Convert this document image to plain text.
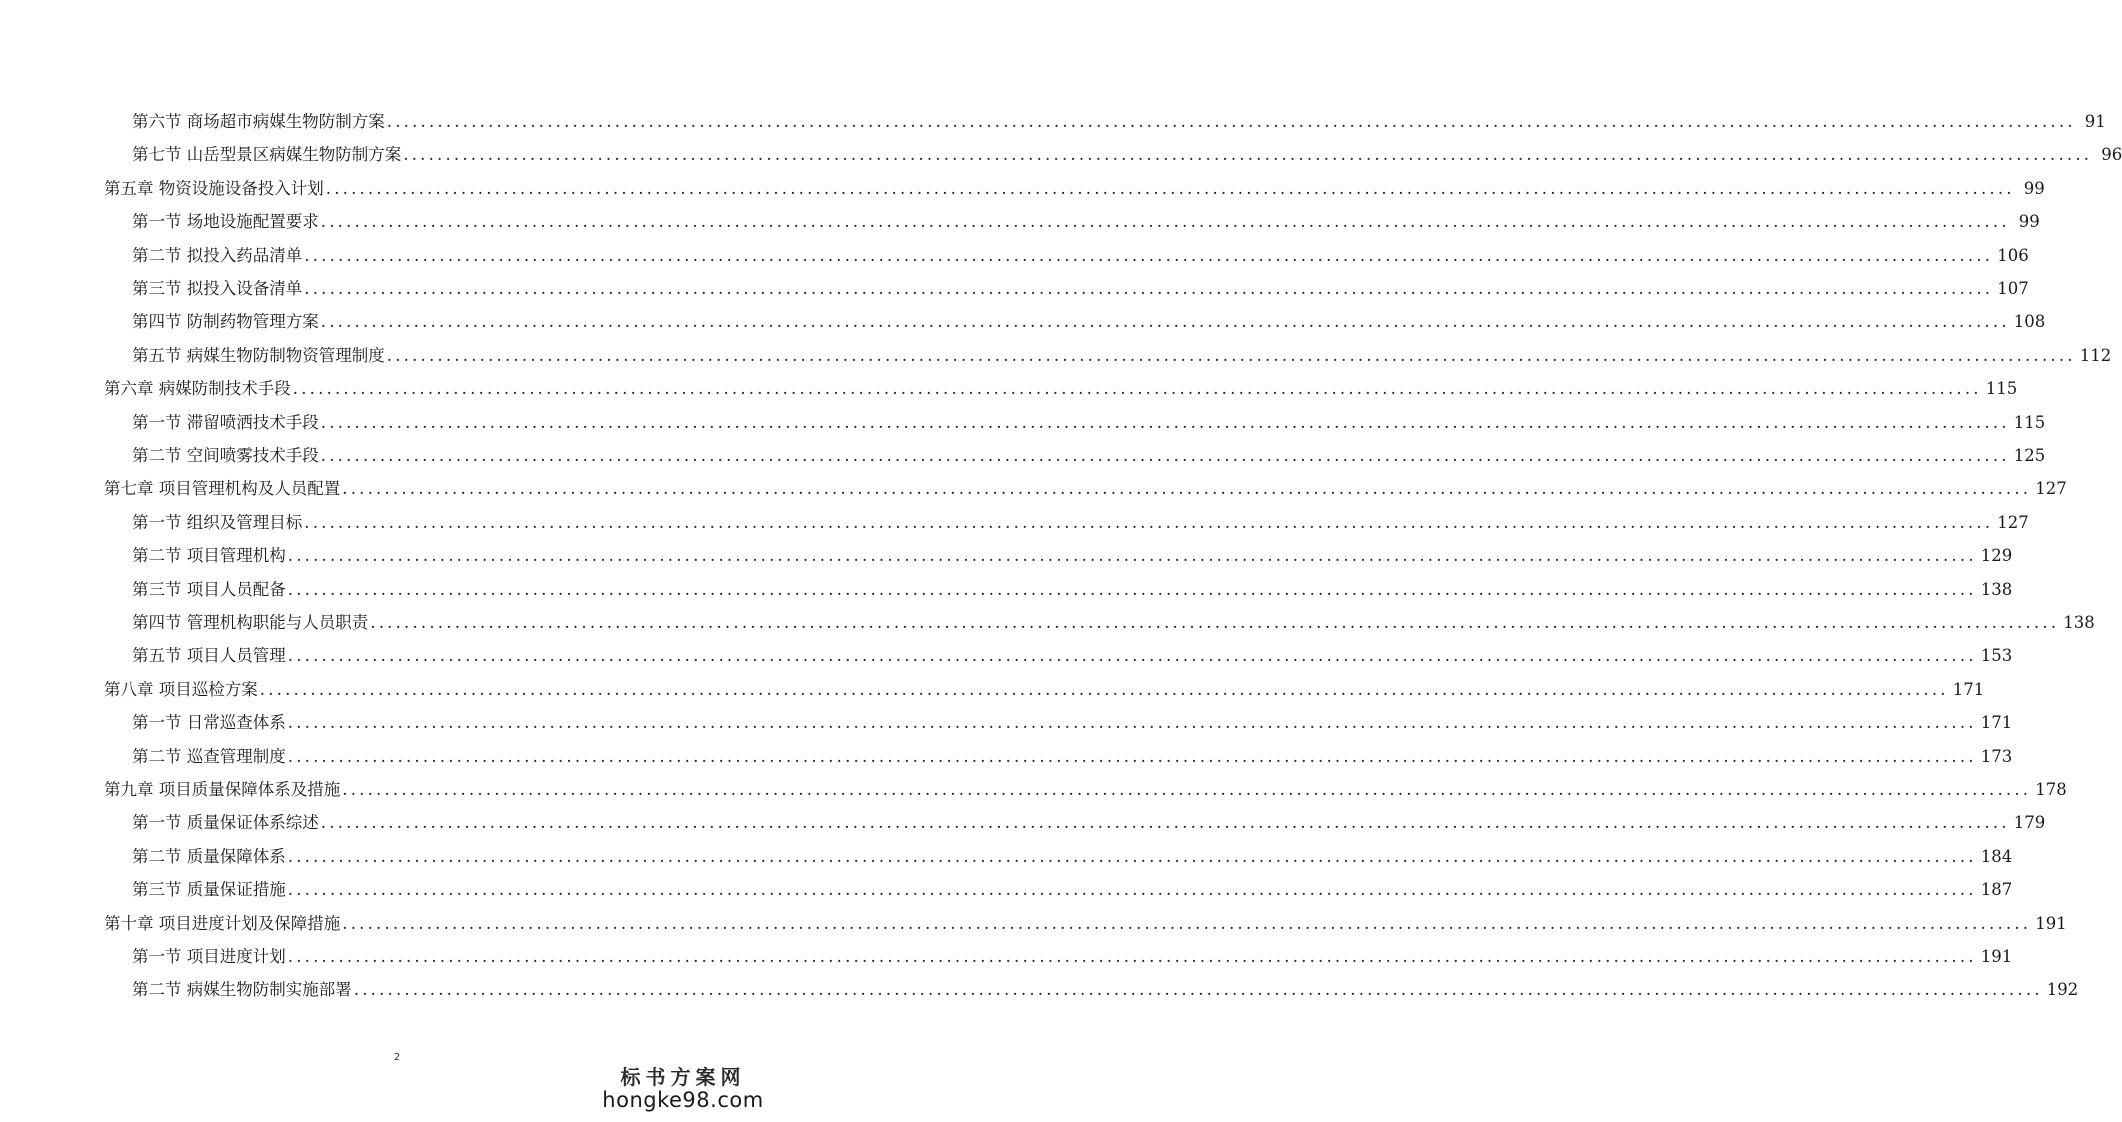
第六节 商场超市病媒生物防制方案 ........................................................................................................................................................................................................ 91
第七节 山岳型景区病媒生物防制方案 ........................................................................................................................................................................................................ 96
第五章 物资设施设备投入计划 ........................................................................................................................................................................................................ 99
第一节 场地设施配置要求 ........................................................................................................................................................................................................ 99
第二节 拟投入药品清单 ........................................................................................................................................................................................................ 106
第三节 拟投入设备清单 ........................................................................................................................................................................................................ 107
第四节 防制药物管理方案 ........................................................................................................................................................................................................ 108
第五节 病媒生物防制物资管理制度 ........................................................................................................................................................................................................ 112
第六章 病媒防制技术手段 ........................................................................................................................................................................................................ 115
第一节 滞留喷洒技术手段 ........................................................................................................................................................................................................ 115
第二节 空间喷雾技术手段 ........................................................................................................................................................................................................ 125
第七章 项目管理机构及人员配置 ........................................................................................................................................................................................................ 127
第一节 组织及管理目标 ........................................................................................................................................................................................................ 127
第二节 项目管理机构 ........................................................................................................................................................................................................ 129
第三节 项目人员配备 ........................................................................................................................................................................................................ 138
第四节 管理机构职能与人员职责 ........................................................................................................................................................................................................ 138
第五节 项目人员管理 ........................................................................................................................................................................................................ 153
第八章 项目巡检方案 ........................................................................................................................................................................................................ 171
第一节 日常巡查体系 ........................................................................................................................................................................................................ 171
第二节 巡查管理制度 ........................................................................................................................................................................................................ 173
第九章 项目质量保障体系及措施 ........................................................................................................................................................................................................ 178
第一节 质量保证体系综述 ........................................................................................................................................................................................................ 179
第二节 质量保障体系 ........................................................................................................................................................................................................ 184
第三节 质量保证措施 ........................................................................................................................................................................................................ 187
第十章 项目进度计划及保障措施 ........................................................................................................................................................................................................ 191
第一节 项目进度计划 ........................................................................................................................................................................................................ 191
第二节 病媒生物防制实施部署 ........................................................................................................................................................................................................ 192
2
标书方案网
hongke98.com
